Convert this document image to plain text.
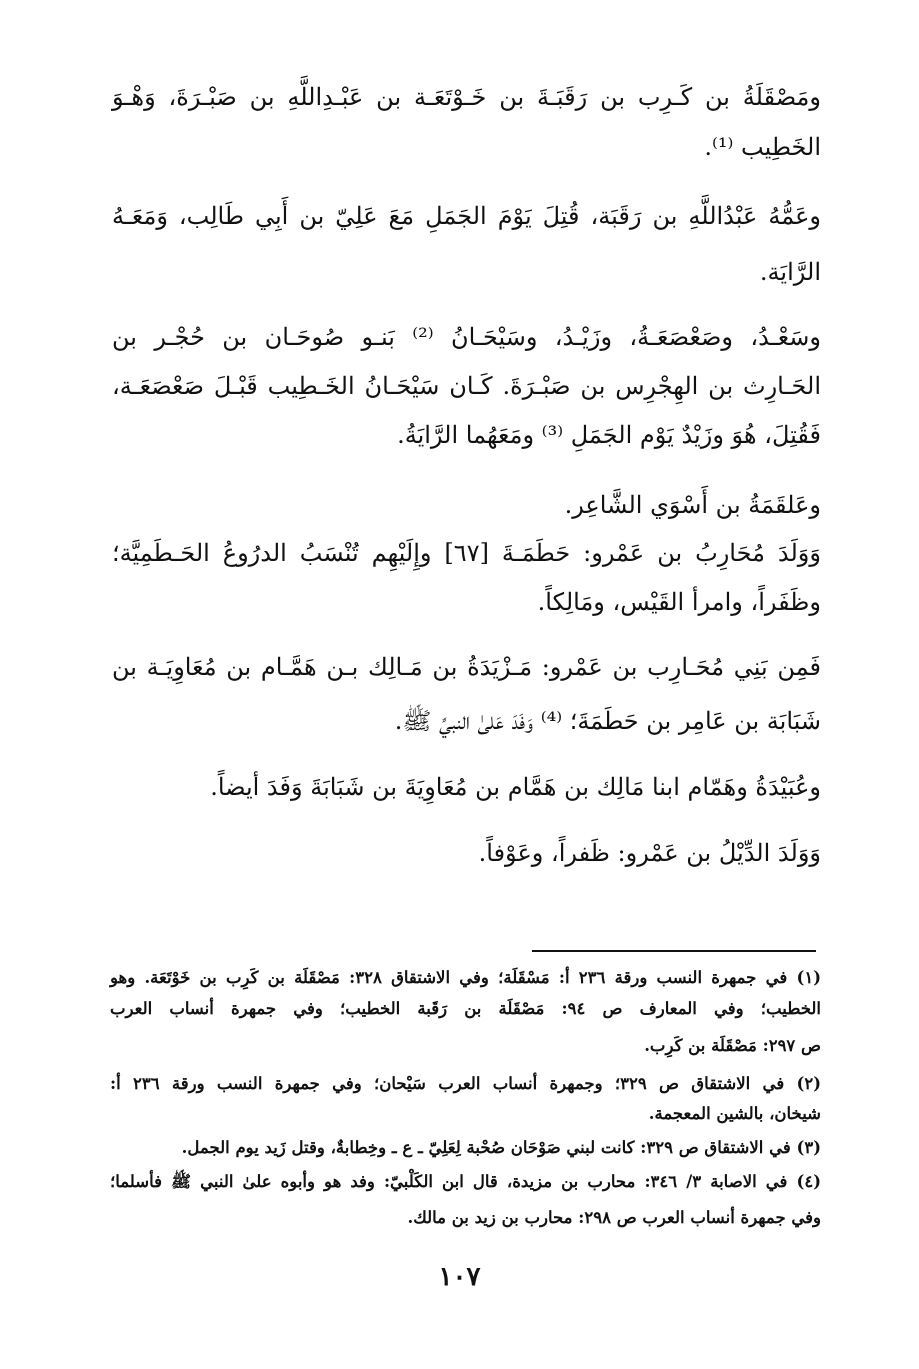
ومَصْقَلَةُ بن كَـرِب بن رَقَبَـةَ بن خَـوْتَعَـة بن عَبْـدِاللَّهِ بن صَبْـرَةَ، وَهْـوَ
الخَطِيب ⁽¹⁾.
وعَمُّهُ عَبْدُاللَّهِ بن رَقَبَة، قُتِلَ يَوْمَ الجَمَلِ مَعَ عَلِيّ بن أَبِي طَالِب، وَمَعَـهُ
الرَّايَة.
وسَعْـدُ، وصَعْصَعَـةُ، وزَيْـدُ، وسَيْحَـانُ ⁽²⁾ بَنـو صُوحَـان بن حُجْـر بن
الحَـارِث بن الهِجْرِس بن صَبْـرَةَ. كَـان سَيْحَـانُ الخَـطِيب قَبْـلَ صَعْصَعَـة،
فَقُتِلَ، هُوَ وزَيْدٌ يَوْم الجَمَلِ ⁽³⁾ ومَعَهُما الرَّايَةُ.
وعَلقَمَةُ بن أَسْوَي الشَّاعِر.
وَوَلَدَ مُحَارِبُ بن عَمْرو: حَطَمَـةَ [٦٧] وإِلَيْهِم تُنْسَبُ الدرُوعُ الحَـطَمِيَّة؛
وظَفَراً، وامرأ القَيْس، ومَالِكاً.
فَمِن بَنِي مُحَـارِب بن عَمْرو: مَـزْيَدَةُ بن مَـالِك بـن هَمَّـام بن مُعَاوِيَـة بن
شَبَابَة بن عَامِر بن حَطَمَةَ؛ ⁽⁴⁾ وَفَدَ عَلىٰ النبيِّ ﷺ.
وعُبَيْدَةُ وهَمّام ابنا مَالِك بن هَمَّام بن مُعَاوِيَةَ بن شَبَابَةَ وَفَدَ أيضاً.
وَوَلَدَ الدِّيْلُ بن عَمْرو: ظَفراً، وعَوْفاً.
(١) في جمهرة النسب ورقة ٢٣٦ أ: مَسْقَلَة؛ وفي الاشتقاق ٣٢٨: مَصْقَلَة بن كَرِب بن خَوْتَعَة. وهو
الخطيب؛ وفي المعارف ص ٩٤: مَصْقَلَة بن رَقَبة الخطيب؛ وفي جمهرة أنساب العرب
ص ٢٩٧: مَصْقَلَة بن كَرِب.
(٢) في الاشتقاق ص ٣٢٩؛ وجمهرة أنساب العرب سَيْحان؛ وفي جمهرة النسب ورقة ٢٣٦ أ:
شيخان، بالشين المعجمة.
(٣) في الاشتقاق ص ٣٢٩: كانت لبني صَوْحَان صُحْبة لِعَلِيّ ـ ع ـ وخِطابةٌ، وقتل زَيد يوم الجمل.
(٤) في الاصابة ٣/ ٣٤٦: محارب بن مزيدة، قال ابن الكَلْبيّ: وفد هو وأبوه علىٰ النبي ﷺ فأسلما؛
وفي جمهرة أنساب العرب ص ٢٩٨: محارب بن زيد بن مالك.
١٠٧
